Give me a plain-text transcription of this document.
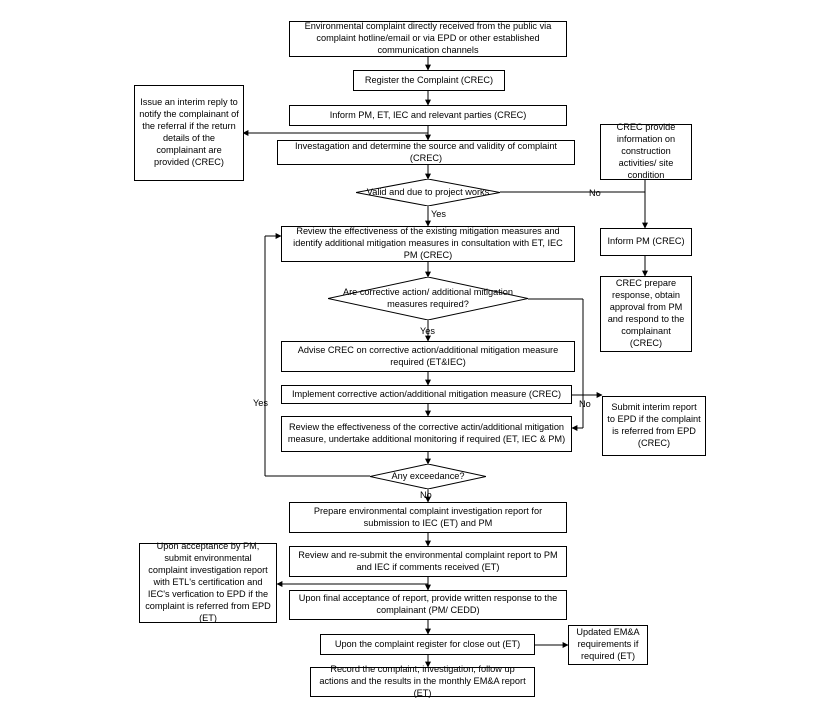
Environmental complaint directly received from the public via complaint hotline/email or via EPD or other established communication channels
Register the Complaint (CREC)
Inform PM, ET, IEC and relevant parties (CREC)
Issue an interim reply to notify the complainant of the referral if the return details of the complainant are provided (CREC)
Investagation and determine the source and validity of complaint (CREC)
CREC provide information on construction activities/ site condition
Inform PM (CREC)
Review the effectiveness of the existing mitigation measures and identify additional mitigation measures in consultation with ET, IEC PM (CREC)
CREC prepare response, obtain approval from PM and respond to the complainant (CREC)
Advise CREC on corrective action/additional mitigation measure required (ET&IEC)
Implement corrective action/additional mitigation measure (CREC)
Submit interim report to EPD if the complaint is referred from EPD (CREC)
Review the effectiveness of the corrective actin/additional mitigation measure, undertake additional monitoring if required (ET, IEC & PM)
Prepare environmental complaint investigation report for submission to IEC (ET) and PM
Review and re-submit the environmental complaint report to PM and IEC if comments received (ET)
Upon acceptance by PM, submit environmental complaint investigation report with ETL's certification and IEC's verfication to EPD if the complaint is referred from EPD (ET)
Upon final acceptance of report, provide written response to the complainant (PM/ CEDD)
Upon the complaint register for close out (ET)
Updated EM&A requirements if required (ET)
Record the complaint, investigation, follow up actions and the results in the monthly EM&A report (ET)
Valid and due to project works
Are corrective action/ additional mitigation measures required?
Any exceedance?
No
Yes
Yes
Yes	No
No
